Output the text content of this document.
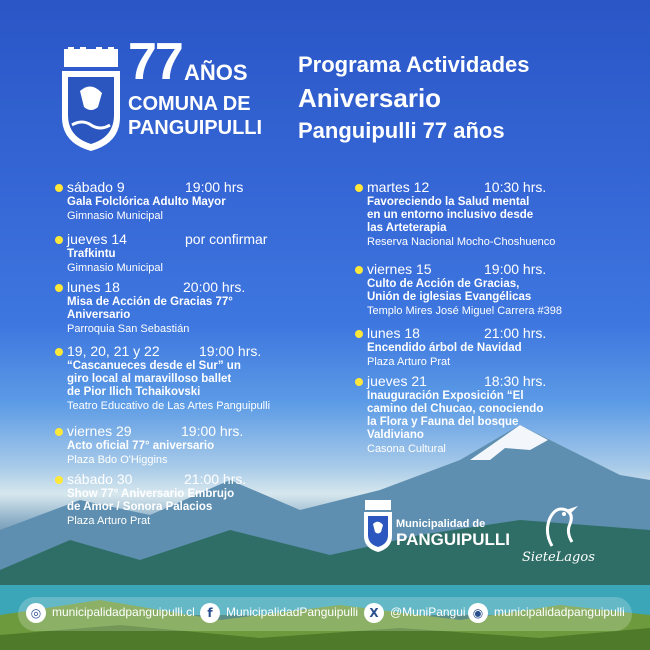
77 AÑOS
COMUNA DE
PANGUIPULLI
Programa Actividades
Aniversario
Panguipulli 77 años
sábado 9	19:00 hrs
Gala Folclórica Adulto Mayor
Gimnasio Municipal
jueves 14	por confirmar
Trafkintu
Gimnasio Municipal
lunes 18	20:00 hrs.
Misa de Acción de Gracias 77°
Aniversario
Parroquia San Sebastián
19, 20, 21 y 22	19:00 hrs.
“Cascanueces desde el Sur” un
giro local al maravilloso ballet
de Pior Ilich Tchaikovski
Teatro Educativo de Las Artes Panguipulli
viernes 29	19:00 hrs.
Acto oficial 77° aniversario
Plaza Bdo O'Higgins
sábado 30	21:00 hrs.
Show 77° Aniversario Embrujo
de Amor / Sonora Palacios
Plaza Arturo Prat
martes 12	10:30 hrs.
Favoreciendo la Salud mental
en un entorno inclusivo desde
las Arteterapia
Reserva Nacional Mocho-Choshuenco
viernes 15	19:00 hrs.
Culto de Acción de Gracias,
Unión de iglesias Evangélicas
Templo Mires José Miguel Carrera #398
lunes 18	21:00 hrs.
Encendido árbol de Navidad
Plaza Arturo Prat
jueves 21	18:30 hrs.
Inauguración Exposición “El
camino del Chucao, conociendo
la Flora y Fauna del bosque
Valdiviano
Casona Cultural
Municipalidad de
PANGUIPULLI
SieteLagos
◎ municipalidadpanguipulli.cl	f	MunicipalidadPanguipulli X @MuniPangui ◉ municipalidadpanguipulli
